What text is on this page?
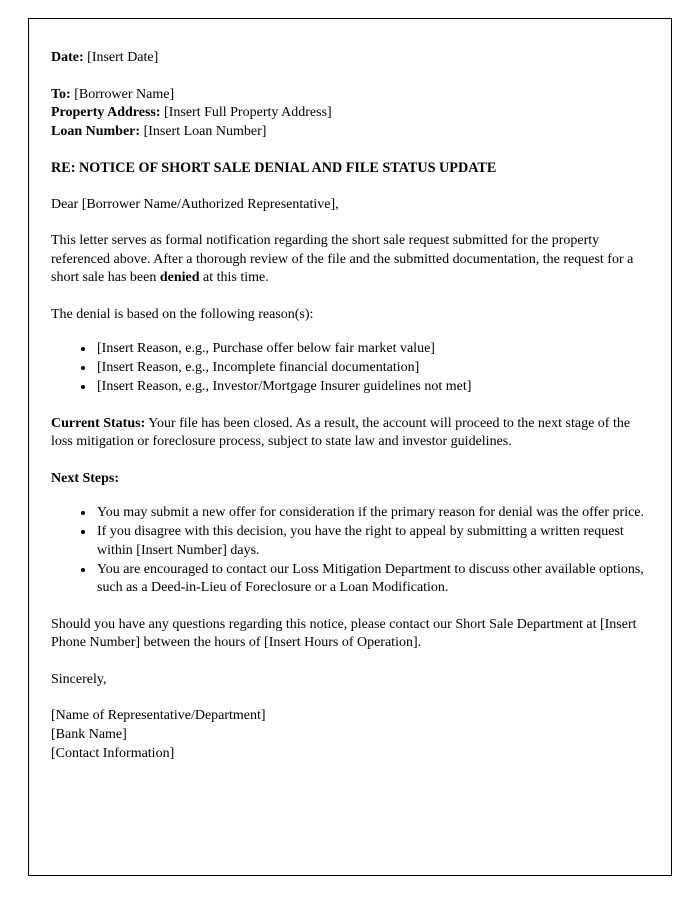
Date: [Insert Date]

To: [Borrower Name]
Property Address: [Insert Full Property Address]
Loan Number: [Insert Loan Number]

RE: NOTICE OF SHORT SALE DENIAL AND FILE STATUS UPDATE

Dear [Borrower Name/Authorized Representative],

This letter serves as formal notification regarding the short sale request submitted for the property referenced above. After a thorough review of the file and the submitted documentation, the request for a short sale has been denied at this time.

The denial is based on the following reason(s):

• [Insert Reason, e.g., Purchase offer below fair market value]
• [Insert Reason, e.g., Incomplete financial documentation]
• [Insert Reason, e.g., Investor/Mortgage Insurer guidelines not met]

Current Status: Your file has been closed. As a result, the account will proceed to the next stage of the loss mitigation or foreclosure process, subject to state law and investor guidelines.

Next Steps:

• You may submit a new offer for consideration if the primary reason for denial was the offer price.
• If you disagree with this decision, you have the right to appeal by submitting a written request within [Insert Number] days.
• You are encouraged to contact our Loss Mitigation Department to discuss other available options, such as a Deed-in-Lieu of Foreclosure or a Loan Modification.

Should you have any questions regarding this notice, please contact our Short Sale Department at [Insert Phone Number] between the hours of [Insert Hours of Operation].

Sincerely,

[Name of Representative/Department]
[Bank Name]
[Contact Information]
